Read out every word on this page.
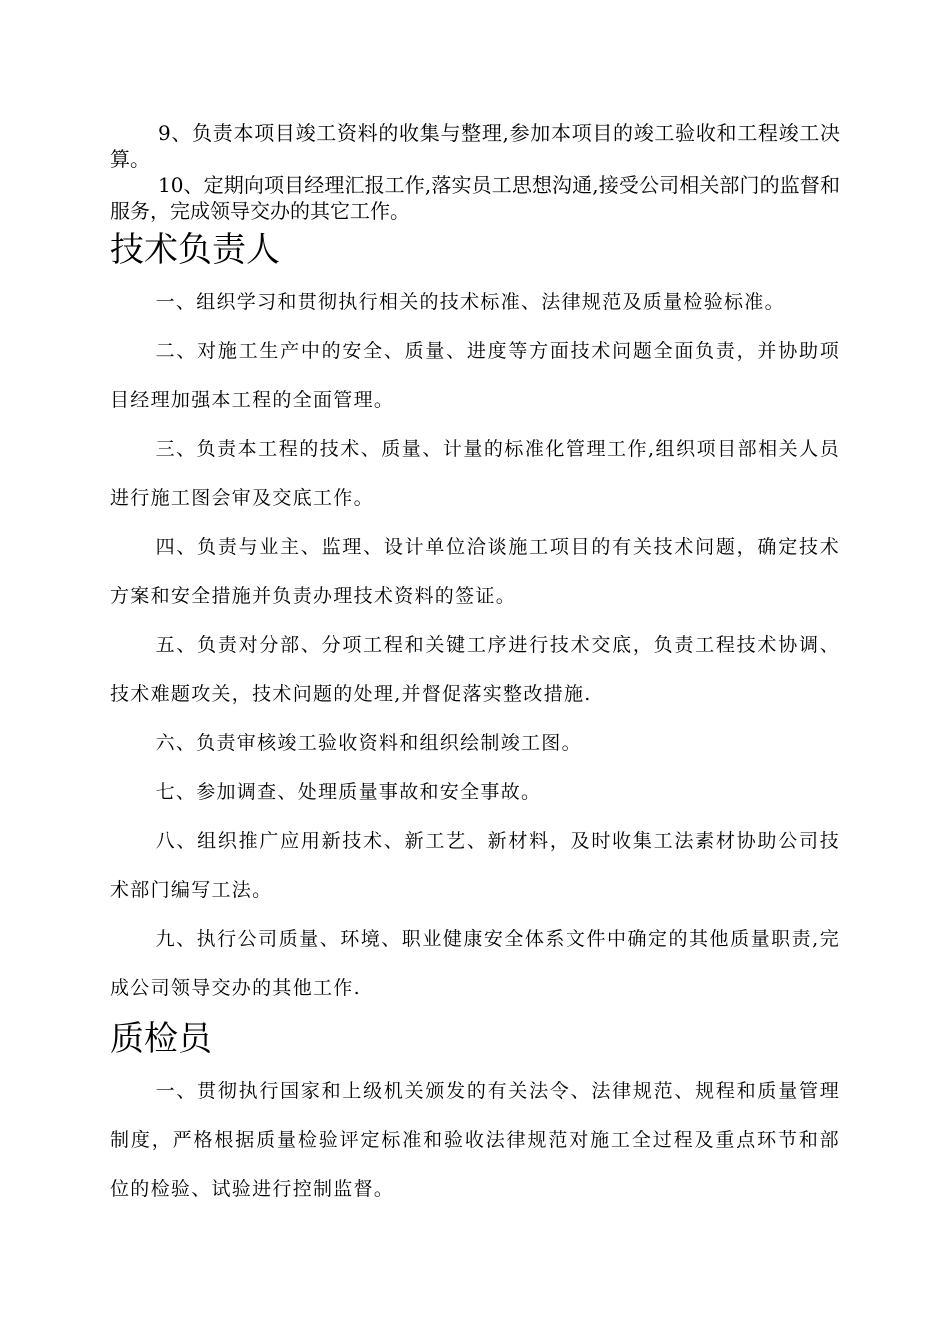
9、负责本项目竣工资料的收集与整理,参加本项目的竣工验收和工程竣工决算。

10、定期向项目经理汇报工作,落实员工思想沟通,接受公司相关部门的监督和服务，完成领导交办的其它工作。

技术负责人

一、组织学习和贯彻执行相关的技术标准、法律规范及质量检验标准。

二、对施工生产中的安全、质量、进度等方面技术问题全面负责，并协助项目经理加强本工程的全面管理。

三、负责本工程的技术、质量、计量的标准化管理工作,组织项目部相关人员进行施工图会审及交底工作。

四、负责与业主、监理、设计单位洽谈施工项目的有关技术问题，确定技术方案和安全措施并负责办理技术资料的签证。

五、负责对分部、分项工程和关键工序进行技术交底，负责工程技术协调、技术难题攻关，技术问题的处理,并督促落实整改措施.

六、负责审核竣工验收资料和组织绘制竣工图。

七、参加调查、处理质量事故和安全事故。

八、组织推广应用新技术、新工艺、新材料，及时收集工法素材协助公司技术部门编写工法。

九、执行公司质量、环境、职业健康安全体系文件中确定的其他质量职责,完成公司领导交办的其他工作.

质检员

一、贯彻执行国家和上级机关颁发的有关法令、法律规范、规程和质量管理制度，严格根据质量检验评定标准和验收法律规范对施工全过程及重点环节和部位的检验、试验进行控制监督。
